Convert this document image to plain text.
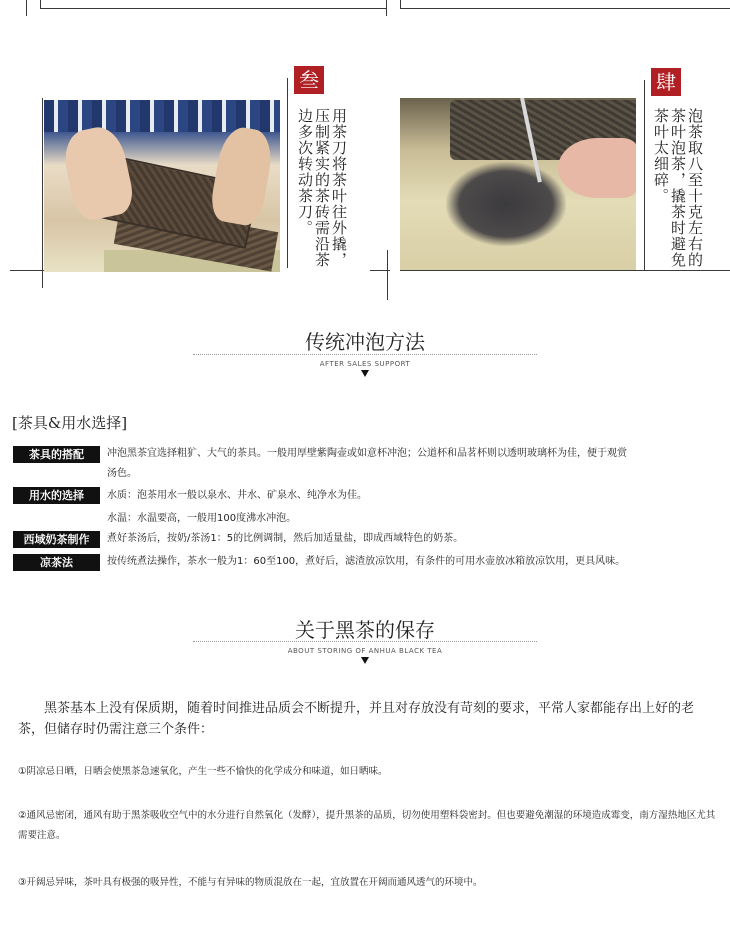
叁
用茶刀将茶叶往外撬，压制紧实的茶砖需沿茶边多次转动茶刀。
肆
泡茶取八至十克左右的茶叶泡茶，撬茶时避免茶叶太细碎。
传统冲泡方法
AFTER SALES SUPPORT
[茶具&用水选择]
茶具的搭配	冲泡黑茶宜选择粗犷、大气的茶具。一般用厚壁紫陶壶或如意杯冲泡；公道杯和品茗杯则以透明玻璃杯为佳，便于观赏
汤色。
用水的选择	水质：泡茶用水一般以泉水、井水、矿泉水、纯净水为佳。
水温：水温要高，一般用100度沸水冲泡。
西域奶茶制作	煮好茶汤后，按奶/茶汤1：5的比例调制，然后加适量盐，即成西域特色的奶茶。
凉茶法	按传统煮法操作，茶水一般为1：60至100，煮好后，滤渣放凉饮用，有条件的可用水壶放冰箱放凉饮用，更具风味。
关于黑茶的保存
ABOUT STORING OF ANHUA BLACK TEA
黑茶基本上没有保质期，随着时间推进品质会不断提升，并且对存放没有苛刻的要求，平常人家都能存出上好的老茶，但储存时仍需注意三个条件：
①阴凉忌日晒，日晒会使黑茶急速氧化，产生一些不愉快的化学成分和味道，如日晒味。
②通风忌密闭，通风有助于黑茶吸收空气中的水分进行自然氧化（发酵），提升黑茶的品质，切勿使用塑料袋密封。但也要避免潮湿的环境造成霉变，南方湿热地区尤其需要注意。
③开阔忌异味，茶叶具有极强的吸异性，不能与有异味的物质混放在一起，宜放置在开阔而通风透气的环境中。
